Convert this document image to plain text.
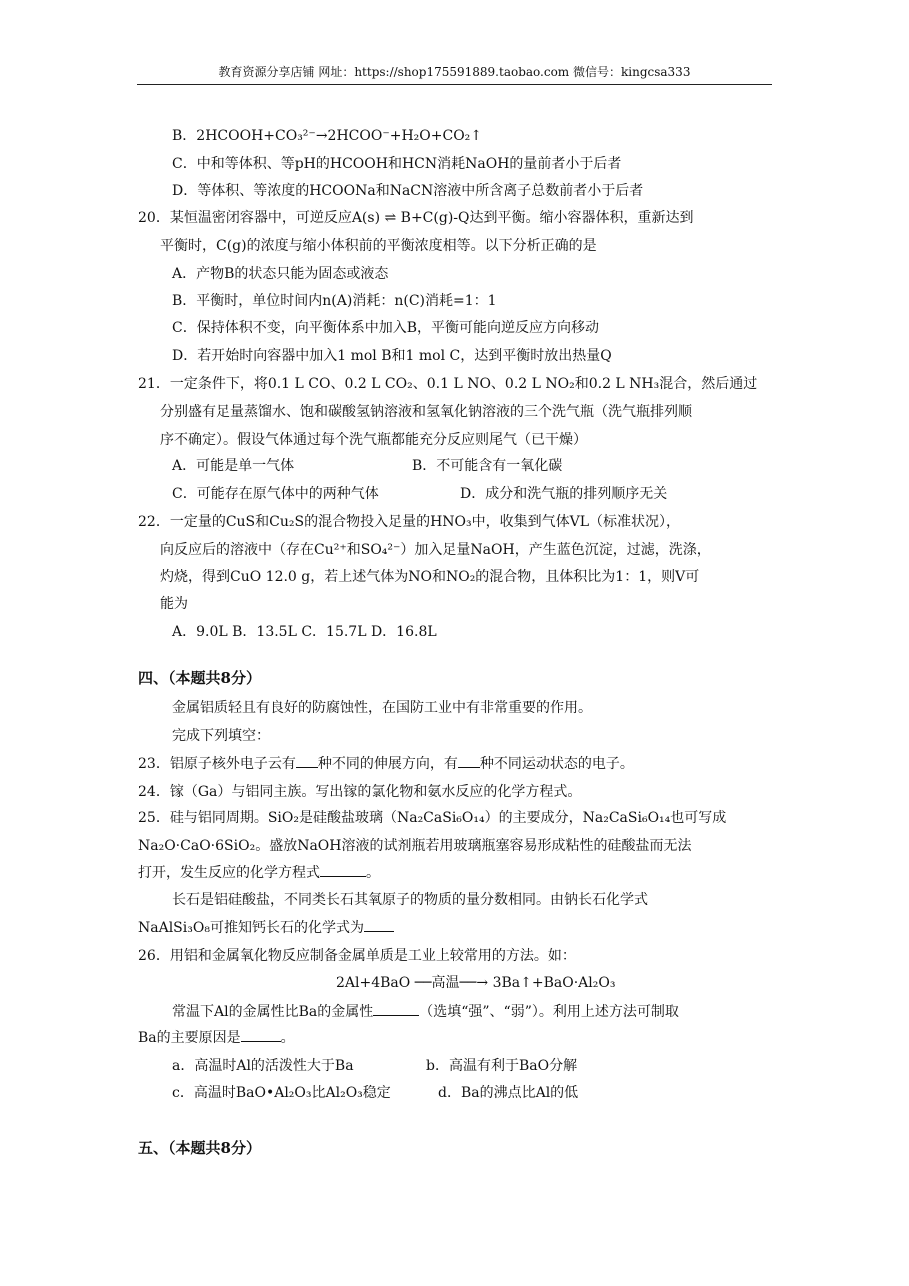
教育资源分享店铺 网址：https://shop175591889.taobao.com 微信号：kingcsa333
B．2HCOOH+CO₃²⁻→2HCOO⁻+H₂O+CO₂↑
C．中和等体积、等pH的HCOOH和HCN消耗NaOH的量前者小于后者
D．等体积、等浓度的HCOONa和NaCN溶液中所含离子总数前者小于后者
20．某恒温密闭容器中，可逆反应A(s) ⇌ B+C(g)-Q达到平衡。缩小容器体积，重新达到
平衡时，C(g)的浓度与缩小体积前的平衡浓度相等。以下分析正确的是
A．产物B的状态只能为固态或液态
B．平衡时，单位时间内n(A)消耗：n(C)消耗=1：1
C．保持体积不变，向平衡体系中加入B，平衡可能向逆反应方向移动
D．若开始时向容器中加入1 mol B和1 mol C，达到平衡时放出热量Q
21．一定条件下，将0.1 L CO、0.2 L CO₂、0.1 L NO、0.2 L NO₂和0.2 L NH₃混合，然后通过
分别盛有足量蒸馏水、饱和碳酸氢钠溶液和氢氧化钠溶液的三个洗气瓶（洗气瓶排列顺
序不确定）。假设气体通过每个洗气瓶都能充分反应则尾气（已干燥）
A．可能是单一气体	B．不可能含有一氧化碳
C．可能存在原气体中的两种气体	D．成分和洗气瓶的排列顺序无关
22．一定量的CuS和Cu₂S的混合物投入足量的HNO₃中，收集到气体VL（标准状况），
向反应后的溶液中（存在Cu²⁺和SO₄²⁻）加入足量NaOH，产生蓝色沉淀，过滤，洗涤，
灼烧，得到CuO 12.0 g，若上述气体为NO和NO₂的混合物，且体积比为1：1，则V可
能为
A．9.0L B．13.5L C．15.7L D．16.8L
四、（本题共8分）
金属铝质轻且有良好的防腐蚀性，在国防工业中有非常重要的作用。
完成下列填空：
23．铝原子核外电子云有 种不同的伸展方向，有 种不同运动状态的电子。
24．镓（Ga）与铝同主族。写出镓的氯化物和氨水反应的化学方程式。
25．硅与铝同周期。SiO₂是硅酸盐玻璃（Na₂CaSi₆O₁₄）的主要成分，Na₂CaSi₆O₁₄也可写成
Na₂O·CaO·6SiO₂。盛放NaOH溶液的试剂瓶若用玻璃瓶塞容易形成粘性的硅酸盐而无法
打开，发生反应的化学方程式	。
长石是铝硅酸盐，不同类长石其氧原子的物质的量分数相同。由钠长石化学式
NaAlSi₃O₈可推知钙长石的化学式为
26．用铝和金属氧化物反应制备金属单质是工业上较常用的方法。如：
2Al+4BaO ──高温──→ 3Ba↑+BaO·Al₂O₃
常温下Al的金属性比Ba的金属性	（选填“强”、“弱”）。利用上述方法可制取
Ba的主要原因是	。
a．高温时Al的活泼性大于Ba	b．高温有利于BaO分解
c．高温时BaO•Al₂O₃比Al₂O₃稳定	d．Ba的沸点比Al的低
五、（本题共8分）
